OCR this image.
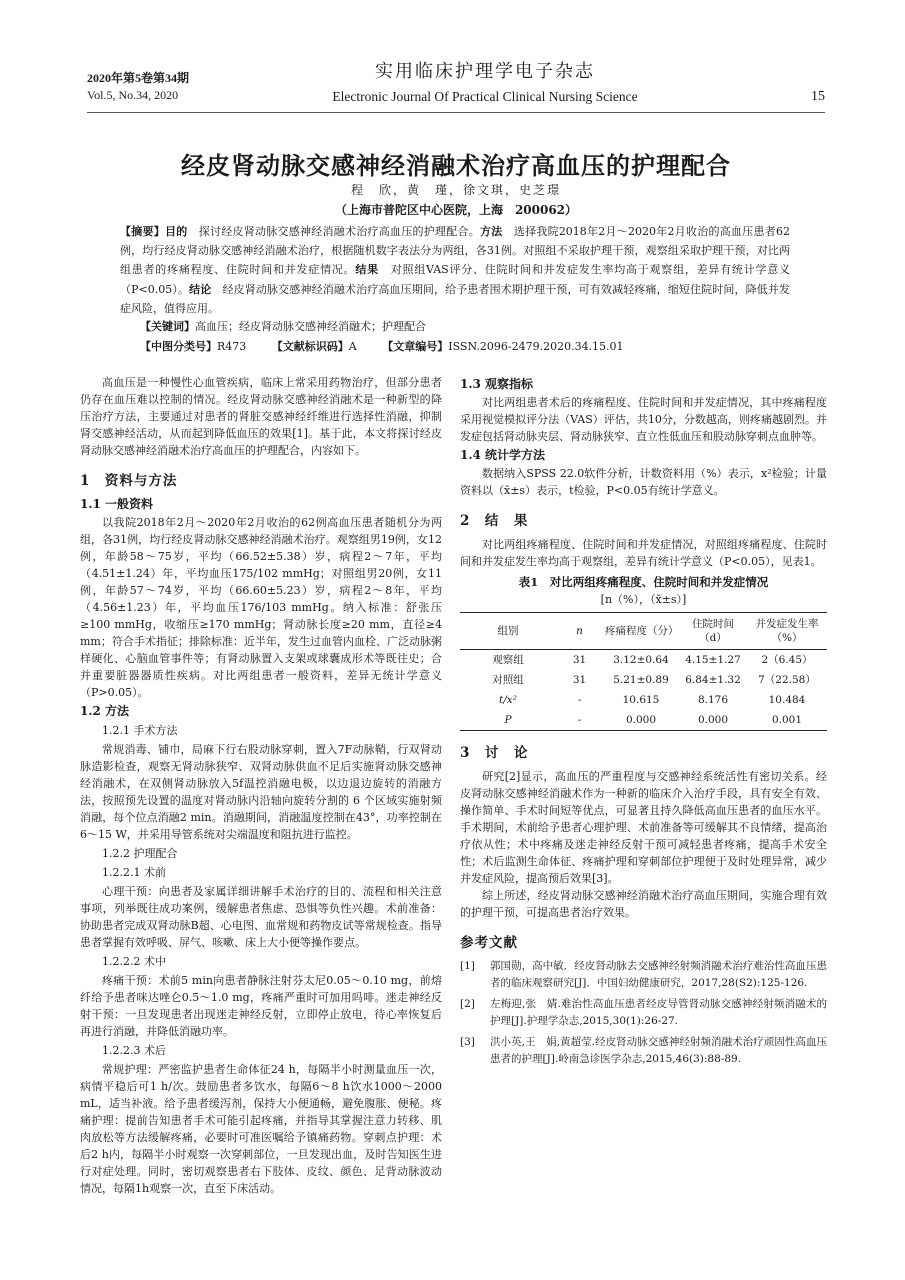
2020年第5卷第34期
Vol.5, No.34, 2020
实用临床护理学电子杂志
Electronic Journal Of Practical Clinical Nursing Science	15
经皮肾动脉交感神经消融术治疗高血压的护理配合
程　欣，黄　瑾，徐文琪，史芝璟
（上海市普陀区中心医院，上海　200062）
【摘要】目的　探讨经皮肾动脉交感神经消融术治疗高血压的护理配合。方法　选择我院2018年2月～2020年2月收治的高血压患者62例，均行经皮肾动脉交感神经消融术治疗，根据随机数字表法分为两组，各31例。对照组不采取护理干预，观察组采取护理干预，对比两组患者的疼痛程度、住院时间和并发症情况。结果　对照组VAS评分、住院时间和并发症发生率均高于观察组，差异有统计学意义（P<0.05）。结论　经皮肾动脉交感神经消融术治疗高血压期间，给予患者围术期护理干预，可有效减轻疼痛，缩短住院时间，降低并发症风险，值得应用。
【关键词】高血压；经皮肾动脉交感神经消融术；护理配合
【中图分类号】R473 【文献标识码】A 【文章编号】ISSN.2096-2479.2020.34.15.01

高血压是一种慢性心血管疾病，临床上常采用药物治疗，但部分患者仍存在血压难以控制的情况。经皮肾动脉交感神经消融术是一种新型的降压治疗方法，主要通过对患者的肾脏交感神经纤维进行选择性消融，抑制肾交感神经活动，从而起到降低血压的效果[1]。基于此，本文将探讨经皮肾动脉交感神经消融术治疗高血压的护理配合，内容如下。

1　资料与方法
1.1 一般资料

以我院2018年2月～2020年2月收治的62例高血压患者随机分为两组，各31例，均行经皮肾动脉交感神经消融术治疗。观察组男19例，女12例，年龄58～75岁，平均（66.52±5.38）岁，病程2～7年，平均（4.51±1.24）年，平均血压175/102 mmHg；对照组男20例，女11例，年龄57～74岁，平均（66.60±5.23）岁，病程2～8年，平均（4.56±1.23）年，平均血压176/103 mmHg。纳入标准：舒张压≥100 mmHg，收缩压≥170 mmHg；肾动脉长度≥20 mm，直径≥4 mm；符合手术指征；排除标准：近半年，发生过血管内血栓、广泛动脉粥样硬化、心脑血管事件等；有肾动脉置入支架或球囊成形术等既往史；合并重要脏器器质性疾病。对比两组患者一般资料，差异无统计学意义（P>0.05）。

1.2 方法
1.2.1 手术方法

常规消毒、铺巾，局麻下行右股动脉穿刺，置入7F动脉鞘，行双肾动脉造影检查，观察无肾动脉狭窄、双肾动脉供血不足后实施肾动脉交感神经消融术，在双侧肾动脉放入5f温控消融电极，以边退边旋转的消融方法，按照预先设置的温度对肾动脉内沿轴向旋转分割的 6 个区域实施射频消融，每个位点消融2 min。消融期间，消融温度控制在43°，功率控制在6～15 W，并采用导管系统对尖端温度和阻抗进行监控。

1.2.2 护理配合
1.2.2.1 术前

心理干预：向患者及家属详细讲解手术治疗的目的、流程和相关注意事项，列举既往成功案例，缓解患者焦虑、恐惧等负性兴趣。术前准备：协助患者完成双肾动脉B超、心电图、血常规和药物皮试等常规检查。指导患者掌握有效呼吸、屏气、咳嗽、床上大小便等操作要点。

1.2.2.2 术中

疼痛干预：术前5 min向患者静脉注射芬太尼0.05～0.10 mg，前熔纤给予患者咪达唑仑0.5～1.0 mg，疼痛严重时可加用吗啡。迷走神经反射干预：一旦发现患者出现迷走神经反射，立即停止放电，待心率恢复后再进行消融，并降低消融功率。

1.2.2.3 术后

常规护理：严密监护患者生命体征24 h，每隔半小时测量血压一次，病情平稳后可1 h/次。鼓励患者多饮水，每隔6～8 h饮水1000～2000 mL，适当补液。给予患者缓泻剂，保持大小便通畅，避免腹胀、便秘。疼痛护理：提前告知患者手术可能引起疼痛，并指导其掌握注意力转移、肌肉放松等方法缓解疼痛，必要时可准医嘱给予镇痛药物。穿刺点护理：术后2 h内，每隔半小时观察一次穿刺部位，一旦发现出血，及时告知医生进行对症处理。同时，密切观察患者右下肢体、皮纹、颜色、足背动脉波动情况，每隔1h观察一次，直至下床活动。

1.3 观察指标

对比两组患者术后的疼痛程度、住院时间和并发症情况，其中疼痛程度采用视觉模拟评分法（VAS）评估，共10分，分数越高，则疼痛越剧烈。并发症包括肾动脉夹层、肾动脉狭窄、直立性低血压和股动脉穿刺点血肿等。

1.4 统计学方法

数据纳入SPSS 22.0软件分析，计数资料用（%）表示，x²检验；计量资料以（x̄±s）表示，t检验，P<0.05有统计学意义。

2　结　果

对比两组疼痛程度、住院时间和并发症情况，对照组疼痛程度、住院时间和并发症发生率均高于观察组，差异有统计学意义（P<0.05），见表1。

表1　对比两组疼痛程度、住院时间和并发症情况
[n（%），（x̄±s）]
组别	n	疼痛程度（分）	住院时间（d）	并发症发生率（%）
观察组	31	3.12±0.64	4.15±1.27	2（6.45）
对照组	31	5.21±0.89	6.84±1.32	7（22.58）
t/x²	-	10.615	8.176	10.484
P	-	0.000	0.000	0.001
3　讨　论

研究[2]显示，高血压的严重程度与交感神经系统活性有密切关系。经皮肾动脉交感神经消融术作为一种新的临床介入治疗手段，具有安全有效、操作简单、手术时间短等优点，可显著且持久降低高血压患者的血压水平。手术期间，术前给予患者心理护理、术前准备等可缓解其不良情绪，提高治疗依从性；术中疼痛及迷走神经反射干预可减轻患者疼痛，提高手术安全性；术后监测生命体征、疼痛护理和穿刺部位护理便于及时处理异常，减少并发症风险，提高预后效果[3]。

综上所述，经皮肾动脉交感神经消融术治疗高血压期间，实施合理有效的护理干预，可提高患者治疗效果。

参考文献
[1]	郭国勋，高中敏．经皮肾动脉去交感神经射频消融术治疗难治性高血压患者的临床观察研究[J]．中国妇幼健康研究，2017,28(S2):125-126.
[2]	左梅迎,张　婧.难治性高血压患者经皮导管肾动脉交感神经射频消融术的护理[J].护理学杂志,2015,30(1):26-27.
[3]	洪小英,王　娟,黄超莹.经皮肾动脉交感神经射频消融术治疗顽固性高血压患者的护理[J].岭南急诊医学杂志,2015,46(3):88-89.
